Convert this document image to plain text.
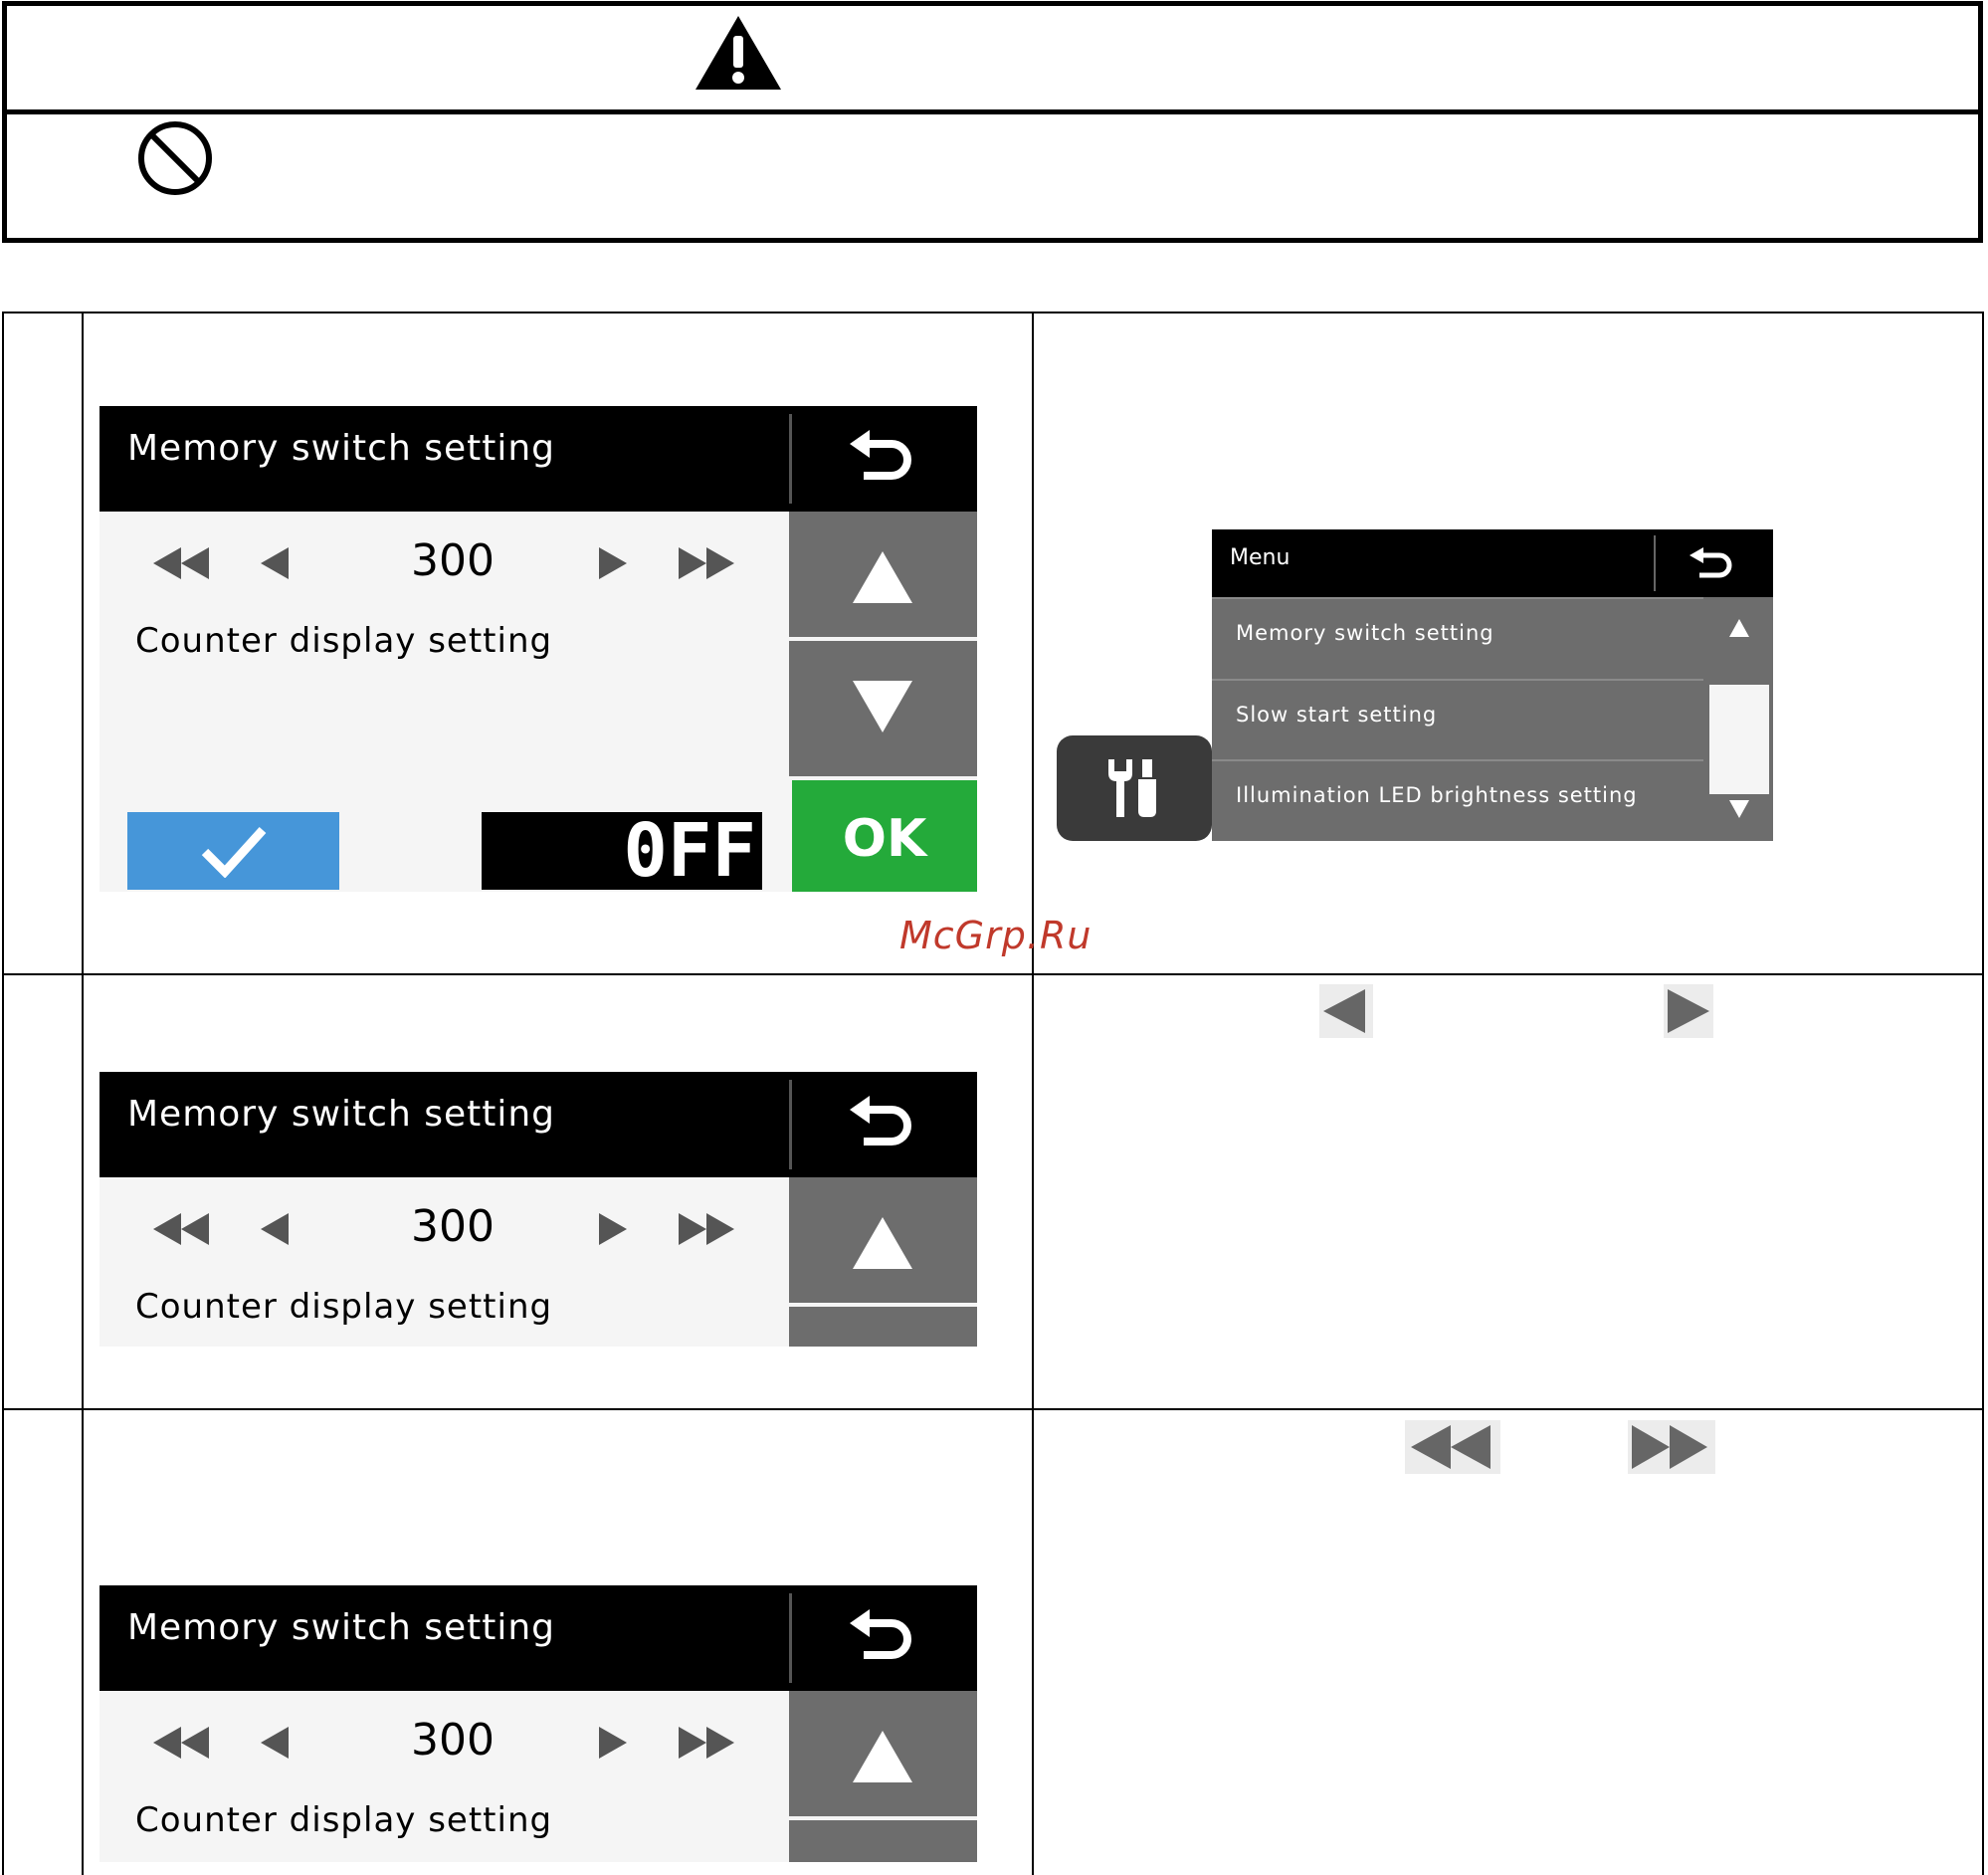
Memory switch setting
300
Counter display setting
0FF	OK
Menu
Memory switch setting
Slow start setting
Illumination LED brightness setting
McGrp.Ru
Memory switch setting
300
Counter display setting
Memory switch setting
300
Counter display setting
